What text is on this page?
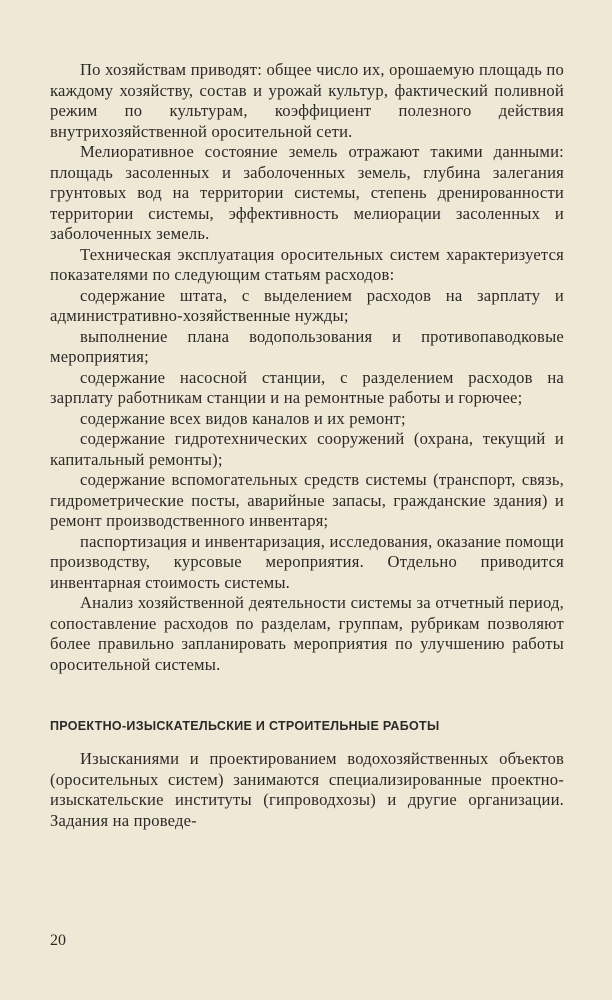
По хозяйствам приводят: общее число их, орошаемую площадь по каждому хозяйству, состав и урожай культур, фактический поливной режим по культурам, коэффициент полезного действия внутрихозяйственной оросительной сети.

Мелиоративное состояние земель отражают такими данными: площадь засоленных и заболоченных земель, глубина залегания грунтовых вод на территории системы, степень дренированности территории системы, эффективность мелиорации засоленных и заболоченных земель.

Техническая эксплуатация оросительных систем характеризуется показателями по следующим статьям расходов:

содержание штата, с выделением расходов на зарплату и административно-хозяйственные нужды;

выполнение плана водопользования и противопаводковые мероприятия;

содержание насосной станции, с разделением расходов на зарплату работникам станции и на ремонтные работы и горючее;

содержание всех видов каналов и их ремонт;

содержание гидротехнических сооружений (охрана, текущий и капитальный ремонты);

содержание вспомогательных средств системы (транспорт, связь, гидрометрические посты, аварийные запасы, гражданские здания) и ремонт производственного инвентаря;

паспортизация и инвентаризация, исследования, оказание помощи производству, курсовые мероприятия. Отдельно приводится инвентарная стоимость системы.

Анализ хозяйственной деятельности системы за отчетный период, сопоставление расходов по разделам, группам, рубрикам позволяют более правильно запланировать мероприятия по улучшению работы оросительной системы.

ПРОЕКТНО-ИЗЫСКАТЕЛЬСКИЕ И СТРОИТЕЛЬНЫЕ РАБОТЫ

Изысканиями и проектированием водохозяйственных объектов (оросительных систем) занимаются специализированные проектно-изыскательские институты (гипроводхозы) и другие организации. Задания на проведе-

20
